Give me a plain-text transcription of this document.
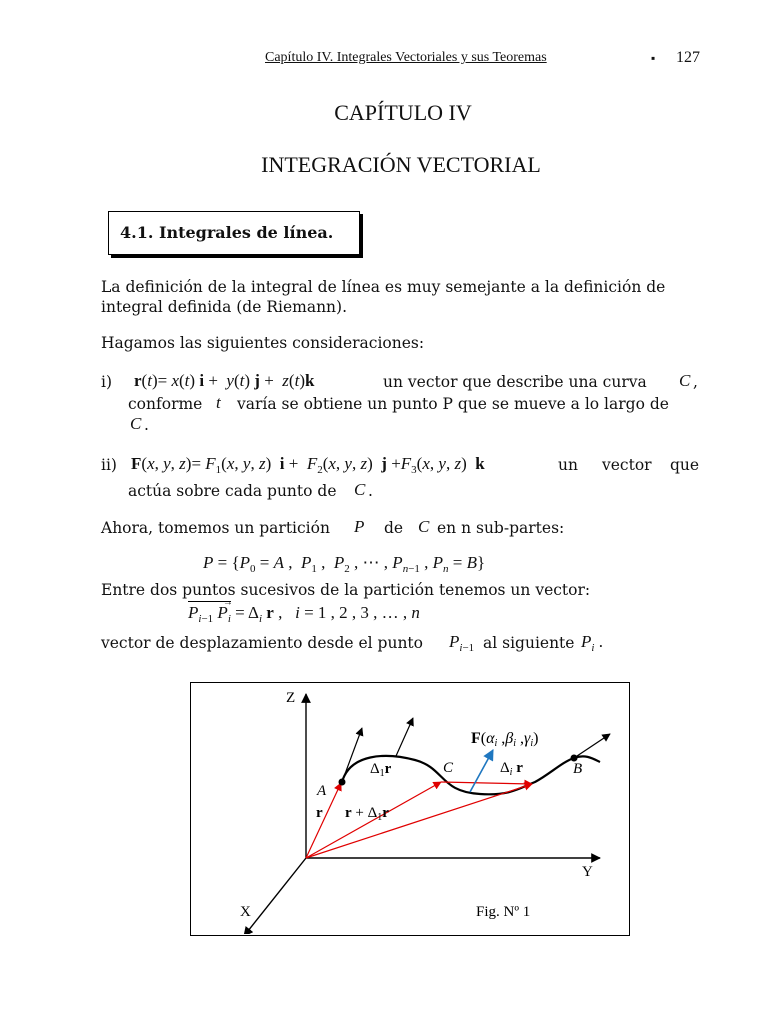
Capítulo IV. Integrales Vectoriales y sus Teoremas	▪ 127
CAPÍTULO IV
INTEGRACIÓN VECTORIAL
4.1. Integrales de línea.
La definición de la integral de línea es muy semejante a la definición de
integral definida (de Riemann).
Hagamos las siguientes consideraciones:
i) r(t)= x(t) i +  y(t) j +  z(t)k	un vector que describe una curva C ,
conforme t varía se obtiene un punto P que se mueve a lo largo de
C .
ii) F(x, y, $z)= F_1(x$, y, z)  $i + F_2(x$, y, z)  $j +F_3(x$, y, z)  k	un vector que
actúa sobre cada punto de C .
Ahora, tomemos un partición P de C en n sub-partes:
$P = \{P_0 = A$ ,  $P_1$ ,  $P_2$ , ⋯ , $P_{n-1}$ , $P_n = B$}
Entre dos puntos sucesivos de la partición tenemos un vector:
→
$P_{i-1}$ $P_i = \Delta_i$ r ,   i = 1 , 2 , 3 , … , n
vector de desplazamiento desde el punto $P_{i-1}$ al siguiente $P_i$ .
Z
Y
X
A
B
C
r $r + \Delta_1r$
$\Delta_1r$	$\Delta_i$ r
F(αi ,βi ,γi)
Fig. Nº 1
